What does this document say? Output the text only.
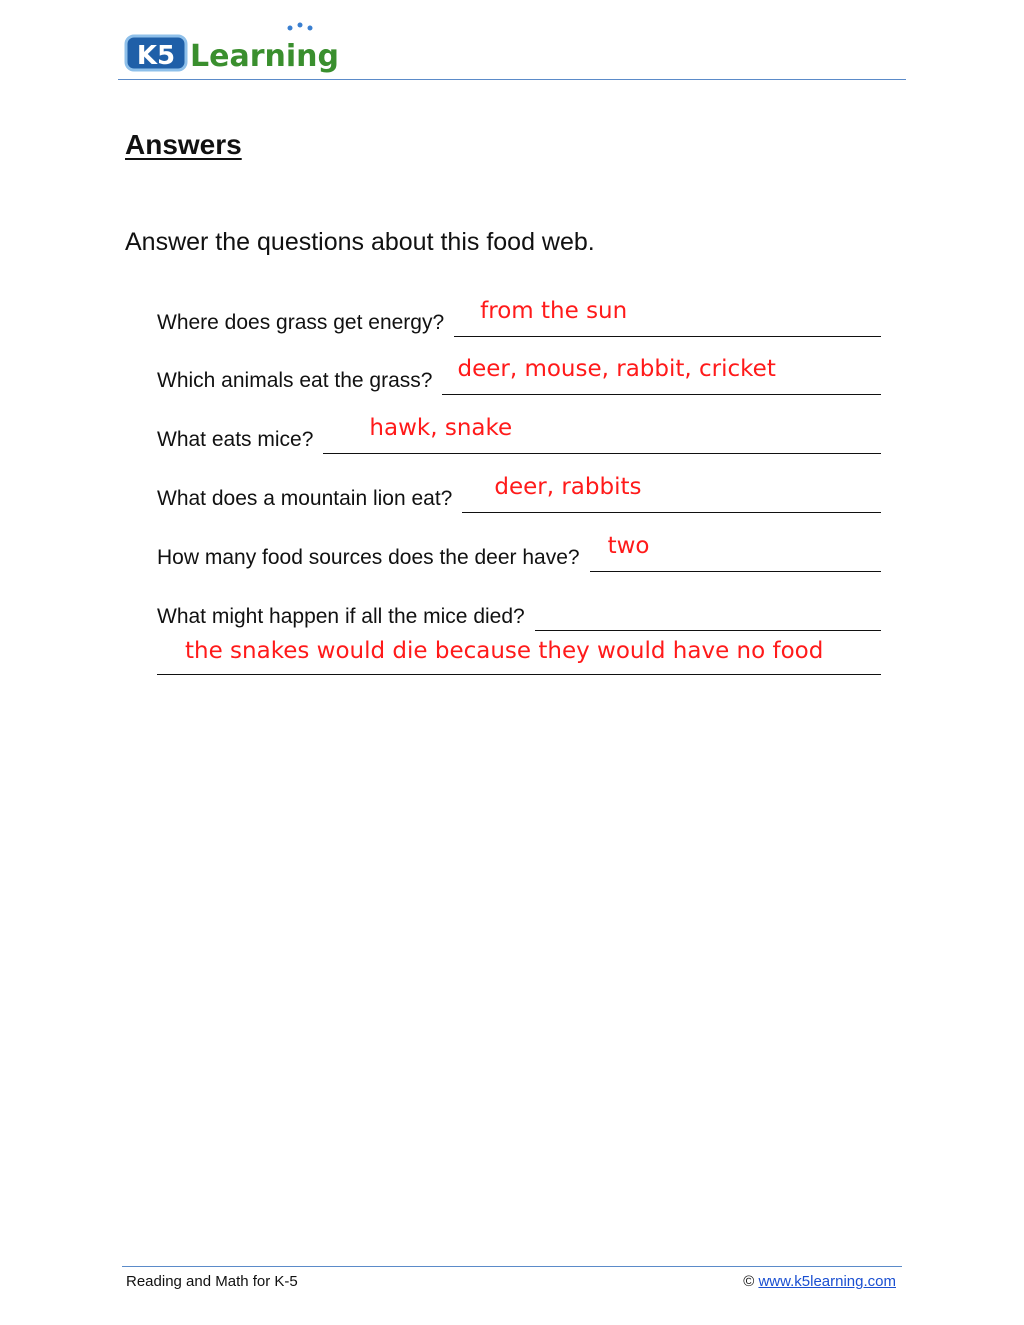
K5 Learning
Answers

Answer the questions about this food web.

Where does grass get energy? from the sun
Which animals eat the grass? deer, mouse, rabbit, cricket
What eats mice? hawk, snake
What does a mountain lion eat? deer, rabbits
How many food sources does the deer have? two
What might happen if all the mice died?
the snakes would die because they would have no food
Reading and Math for K-5	© www.k5learning.com
